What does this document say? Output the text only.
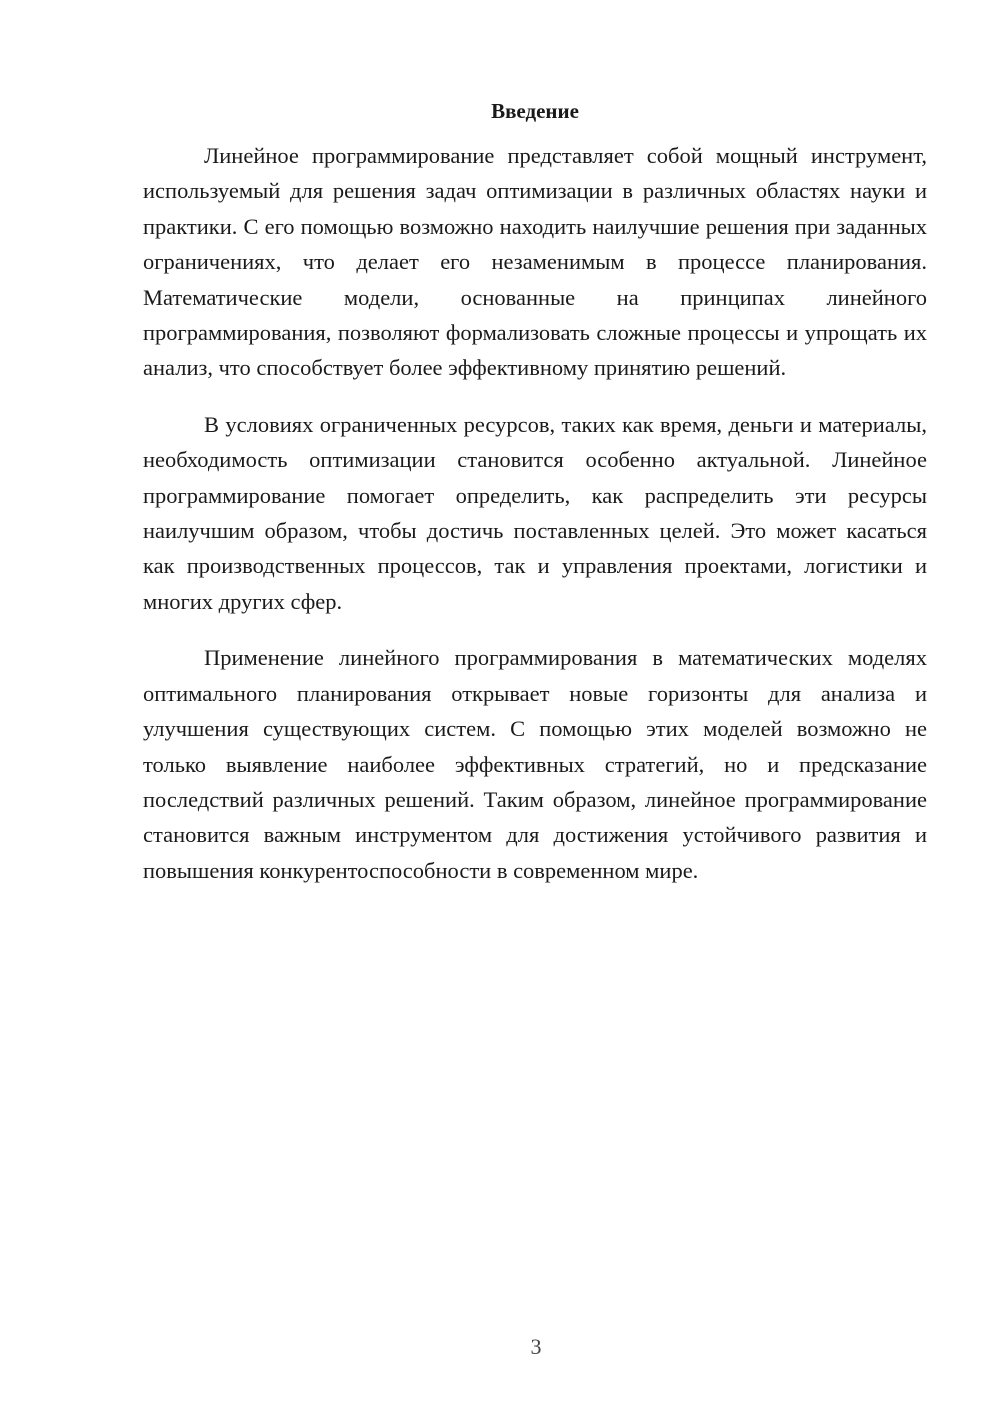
Введение

Линейное программирование представляет собой мощный инструмент, используемый для решения задач оптимизации в различных областях науки и практики. С его помощью возможно находить наилучшие решения при заданных ограничениях, что делает его незаменимым в процессе планирования. Математические модели, основанные на принципах линейного программирования, позволяют формализовать сложные процессы и упрощать их анализ, что способствует более эффективному принятию решений.

В условиях ограниченных ресурсов, таких как время, деньги и материалы, необходимость оптимизации становится особенно актуальной. Линейное программирование помогает определить, как распределить эти ресурсы наилучшим образом, чтобы достичь поставленных целей. Это может касаться как производственных процессов, так и управления проектами, логистики и многих других сфер.

Применение линейного программирования в математических моделях оптимального планирования открывает новые горизонты для анализа и улучшения существующих систем. С помощью этих моделей возможно не только выявление наиболее эффективных стратегий, но и предсказание последствий различных решений. Таким образом, линейное программирование становится важным инструментом для достижения устойчивого развития и повышения конкурентоспособности в современном мире.

3
